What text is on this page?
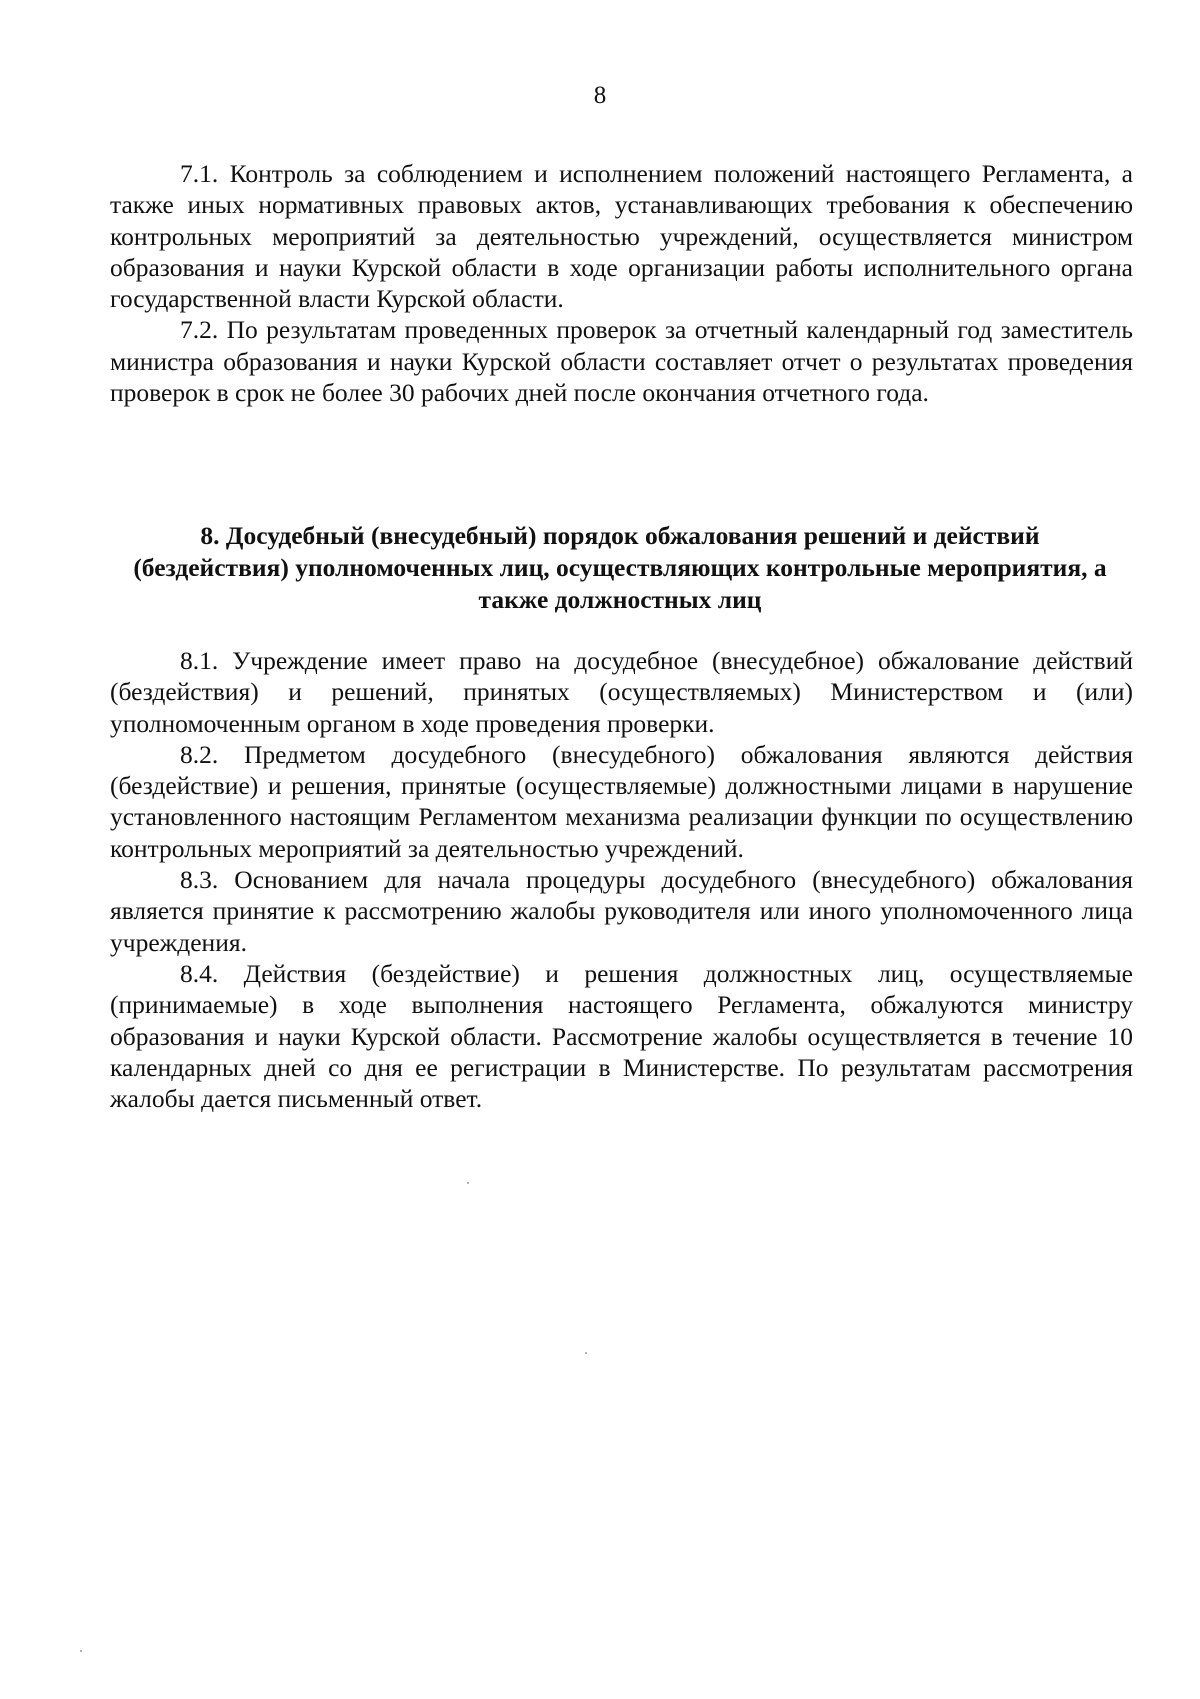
8

7.1. Контроль за соблюдением и исполнением положений настоящего Регламента, а также иных нормативных правовых актов, устанавливающих требования к обеспечению контрольных мероприятий за деятельностью учреждений, осуществляется министром образования и науки Курской области в ходе организации работы исполнительного органа государственной власти Курской области.

7.2. По результатам проведенных проверок за отчетный календарный год заместитель министра образования и науки Курской области составляет отчет о результатах проведения проверок в срок не более 30 рабочих дней после окончания отчетного года.

8. Досудебный (внесудебный) порядок обжалования решений и действий (бездействия) уполномоченных лиц, осуществляющих контрольные мероприятия, а также должностных лиц

8.1. Учреждение имеет право на досудебное (внесудебное) обжалование действий (бездействия) и решений, принятых (осуществляемых) Министерством и (или) уполномоченным органом в ходе проведения проверки.

8.2. Предметом досудебного (внесудебного) обжалования являются действия (бездействие) и решения, принятые (осуществляемые) должностными лицами в нарушение установленного настоящим Регламентом механизма реализации функции по осуществлению контрольных мероприятий за деятельностью учреждений.

8.3. Основанием для начала процедуры досудебного (внесудебного) обжалования является принятие к рассмотрению жалобы руководителя или иного уполномоченного лица учреждения.

8.4. Действия (бездействие) и решения должностных лиц, осуществляемые (принимаемые) в ходе выполнения настоящего Регламента, обжалуются министру образования и науки Курской области. Рассмотрение жалобы осуществляется в течение 10 календарных дней со дня ее регистрации в Министерстве. По результатам рассмотрения жалобы дается письменный ответ.
